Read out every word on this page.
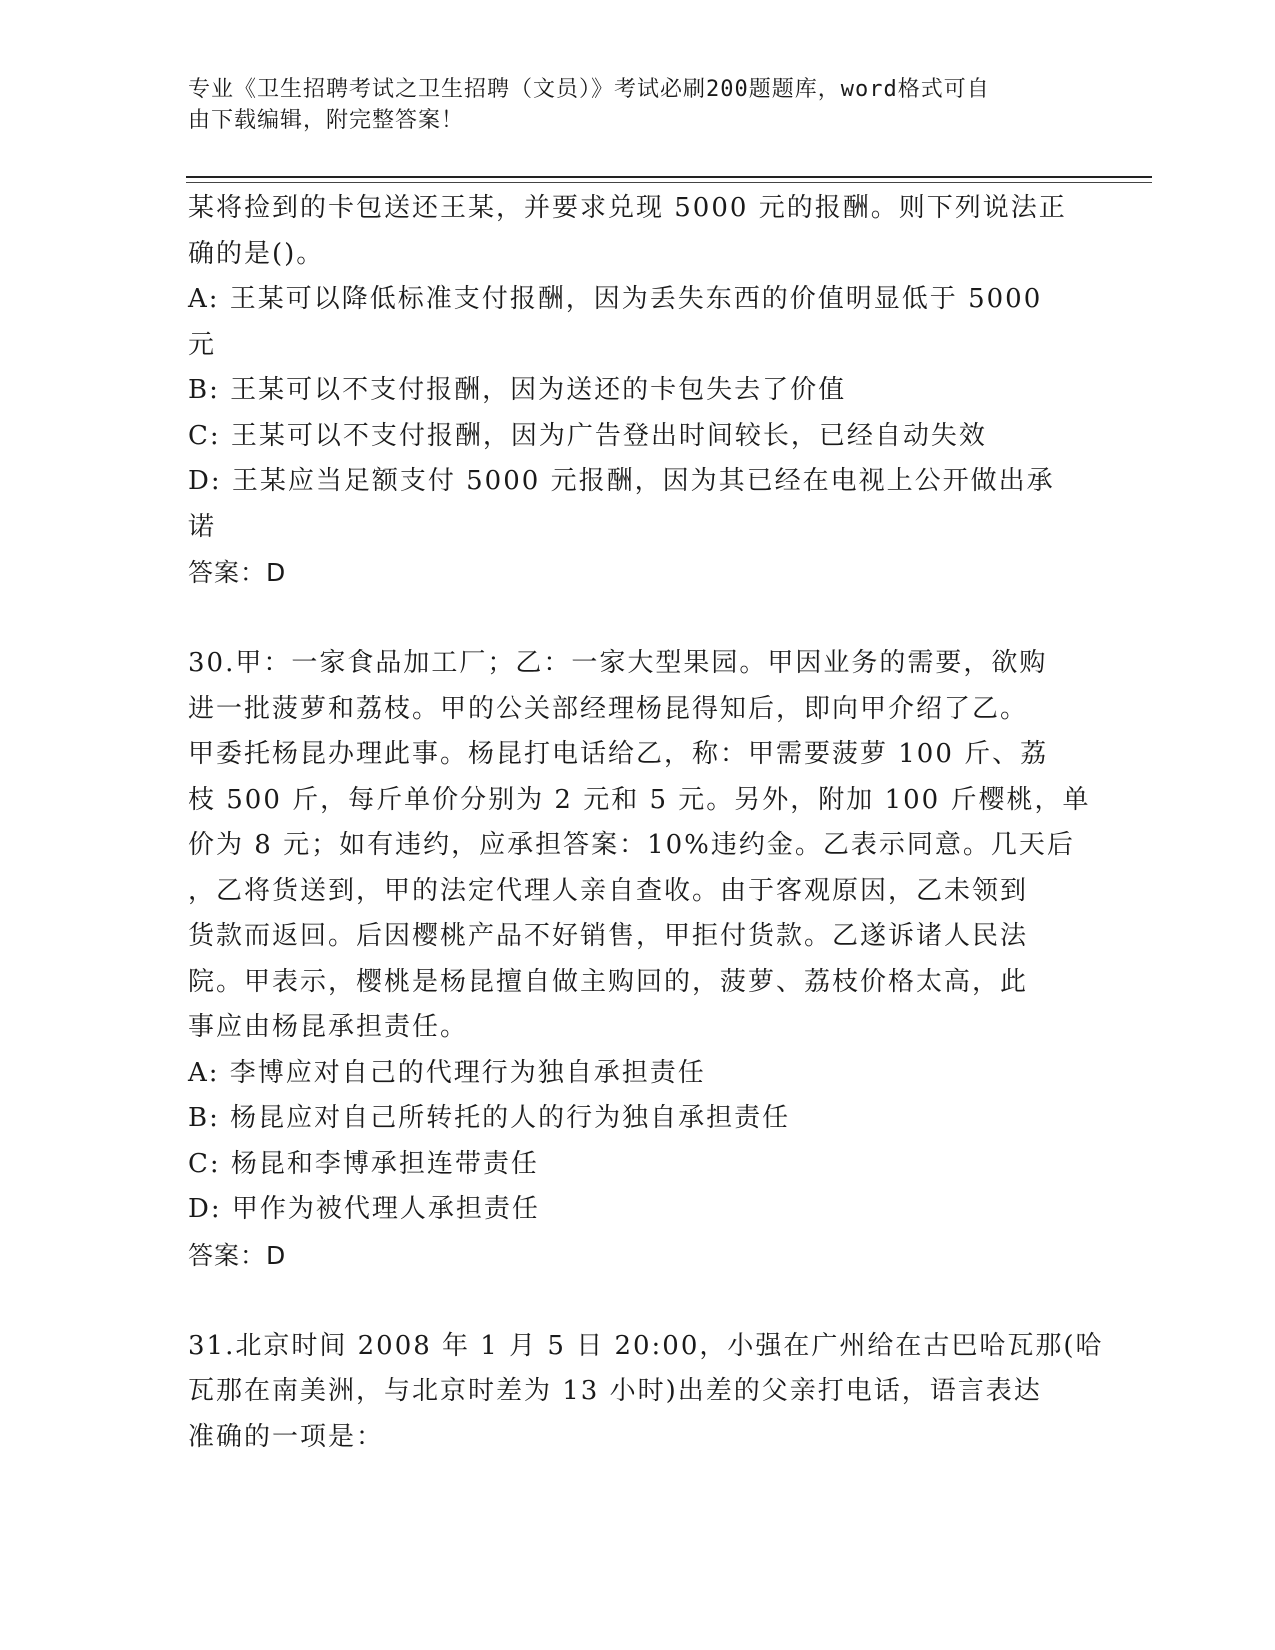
专业《卫生招聘考试之卫生招聘（文员）》考试必刷200题题库，word格式可自
由下载编辑，附完整答案！
某将捡到的卡包送还王某，并要求兑现 5000 元的报酬。则下列说法正
确的是()。
A: 王某可以降低标准支付报酬，因为丢失东西的价值明显低于 5000
元
B: 王某可以不支付报酬，因为送还的卡包失去了价值
C: 王某可以不支付报酬，因为广告登出时间较长，已经自动失效
D: 王某应当足额支付 5000 元报酬，因为其已经在电视上公开做出承
诺
答案：D
30.甲：一家食品加工厂；乙：一家大型果园。甲因业务的需要，欲购
进一批菠萝和荔枝。甲的公关部经理杨昆得知后，即向甲介绍了乙。
甲委托杨昆办理此事。杨昆打电话给乙，称：甲需要菠萝 100 斤、荔
枝 500 斤，每斤单价分别为 2 元和 5 元。另外，附加 100 斤樱桃，单
价为 8 元；如有违约，应承担答案：10%违约金。乙表示同意。几天后
，乙将货送到，甲的法定代理人亲自查收。由于客观原因，乙未领到
货款而返回。后因樱桃产品不好销售，甲拒付货款。乙遂诉诸人民法
院。甲表示，樱桃是杨昆擅自做主购回的，菠萝、荔枝价格太高，此
事应由杨昆承担责任。
A: 李博应对自己的代理行为独自承担责任
B: 杨昆应对自己所转托的人的行为独自承担责任
C: 杨昆和李博承担连带责任
D: 甲作为被代理人承担责任
答案：D
31.北京时间 2008 年 1 月 5 日 20:00，小强在广州给在古巴哈瓦那(哈
瓦那在南美洲，与北京时差为 13 小时)出差的父亲打电话，语言表达
准确的一项是：
